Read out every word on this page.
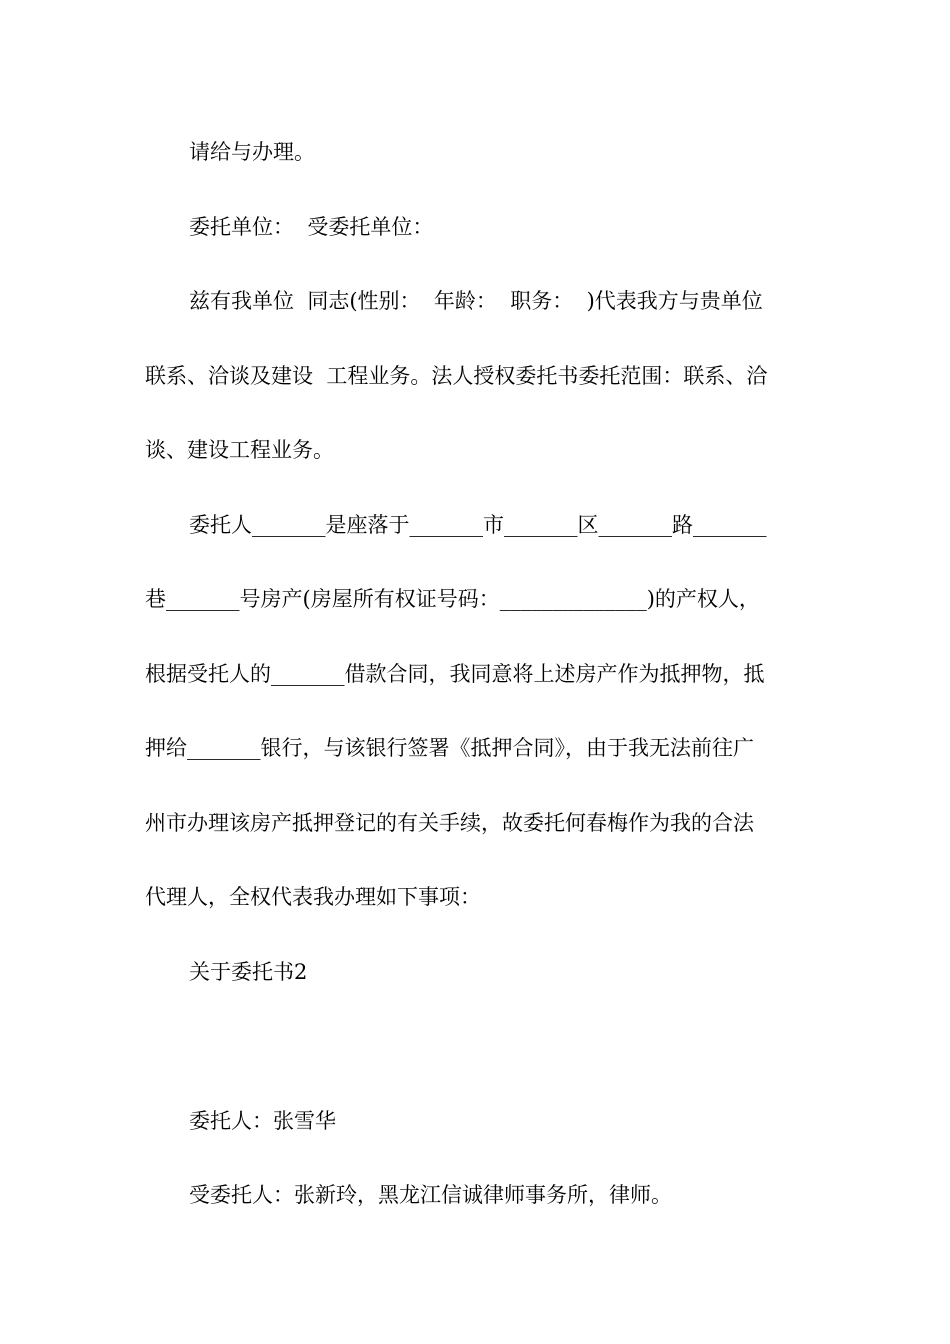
请给与办理。
委托单位：  受委托单位：
兹有我单位  同志(性别：  年龄：  职务：  )代表我方与贵单位
联系、洽谈及建设  工程业务。法人授权委托书委托范围：联系、洽
谈、建设工程业务。
委托人_______是座落于_______市_______区_______路_______
巷_______号房产(房屋所有权证号码：______________)的产权人，
根据受托人的_______借款合同，我同意将上述房产作为抵押物，抵
押给_______银行，与该银行签署《抵押合同》，由于我无法前往广
州市办理该房产抵押登记的有关手续，故委托何春梅作为我的合法
代理人，全权代表我办理如下事项：
关于委托书2
委托人：张雪华
受委托人：张新玲，黑龙江信诚律师事务所，律师。
